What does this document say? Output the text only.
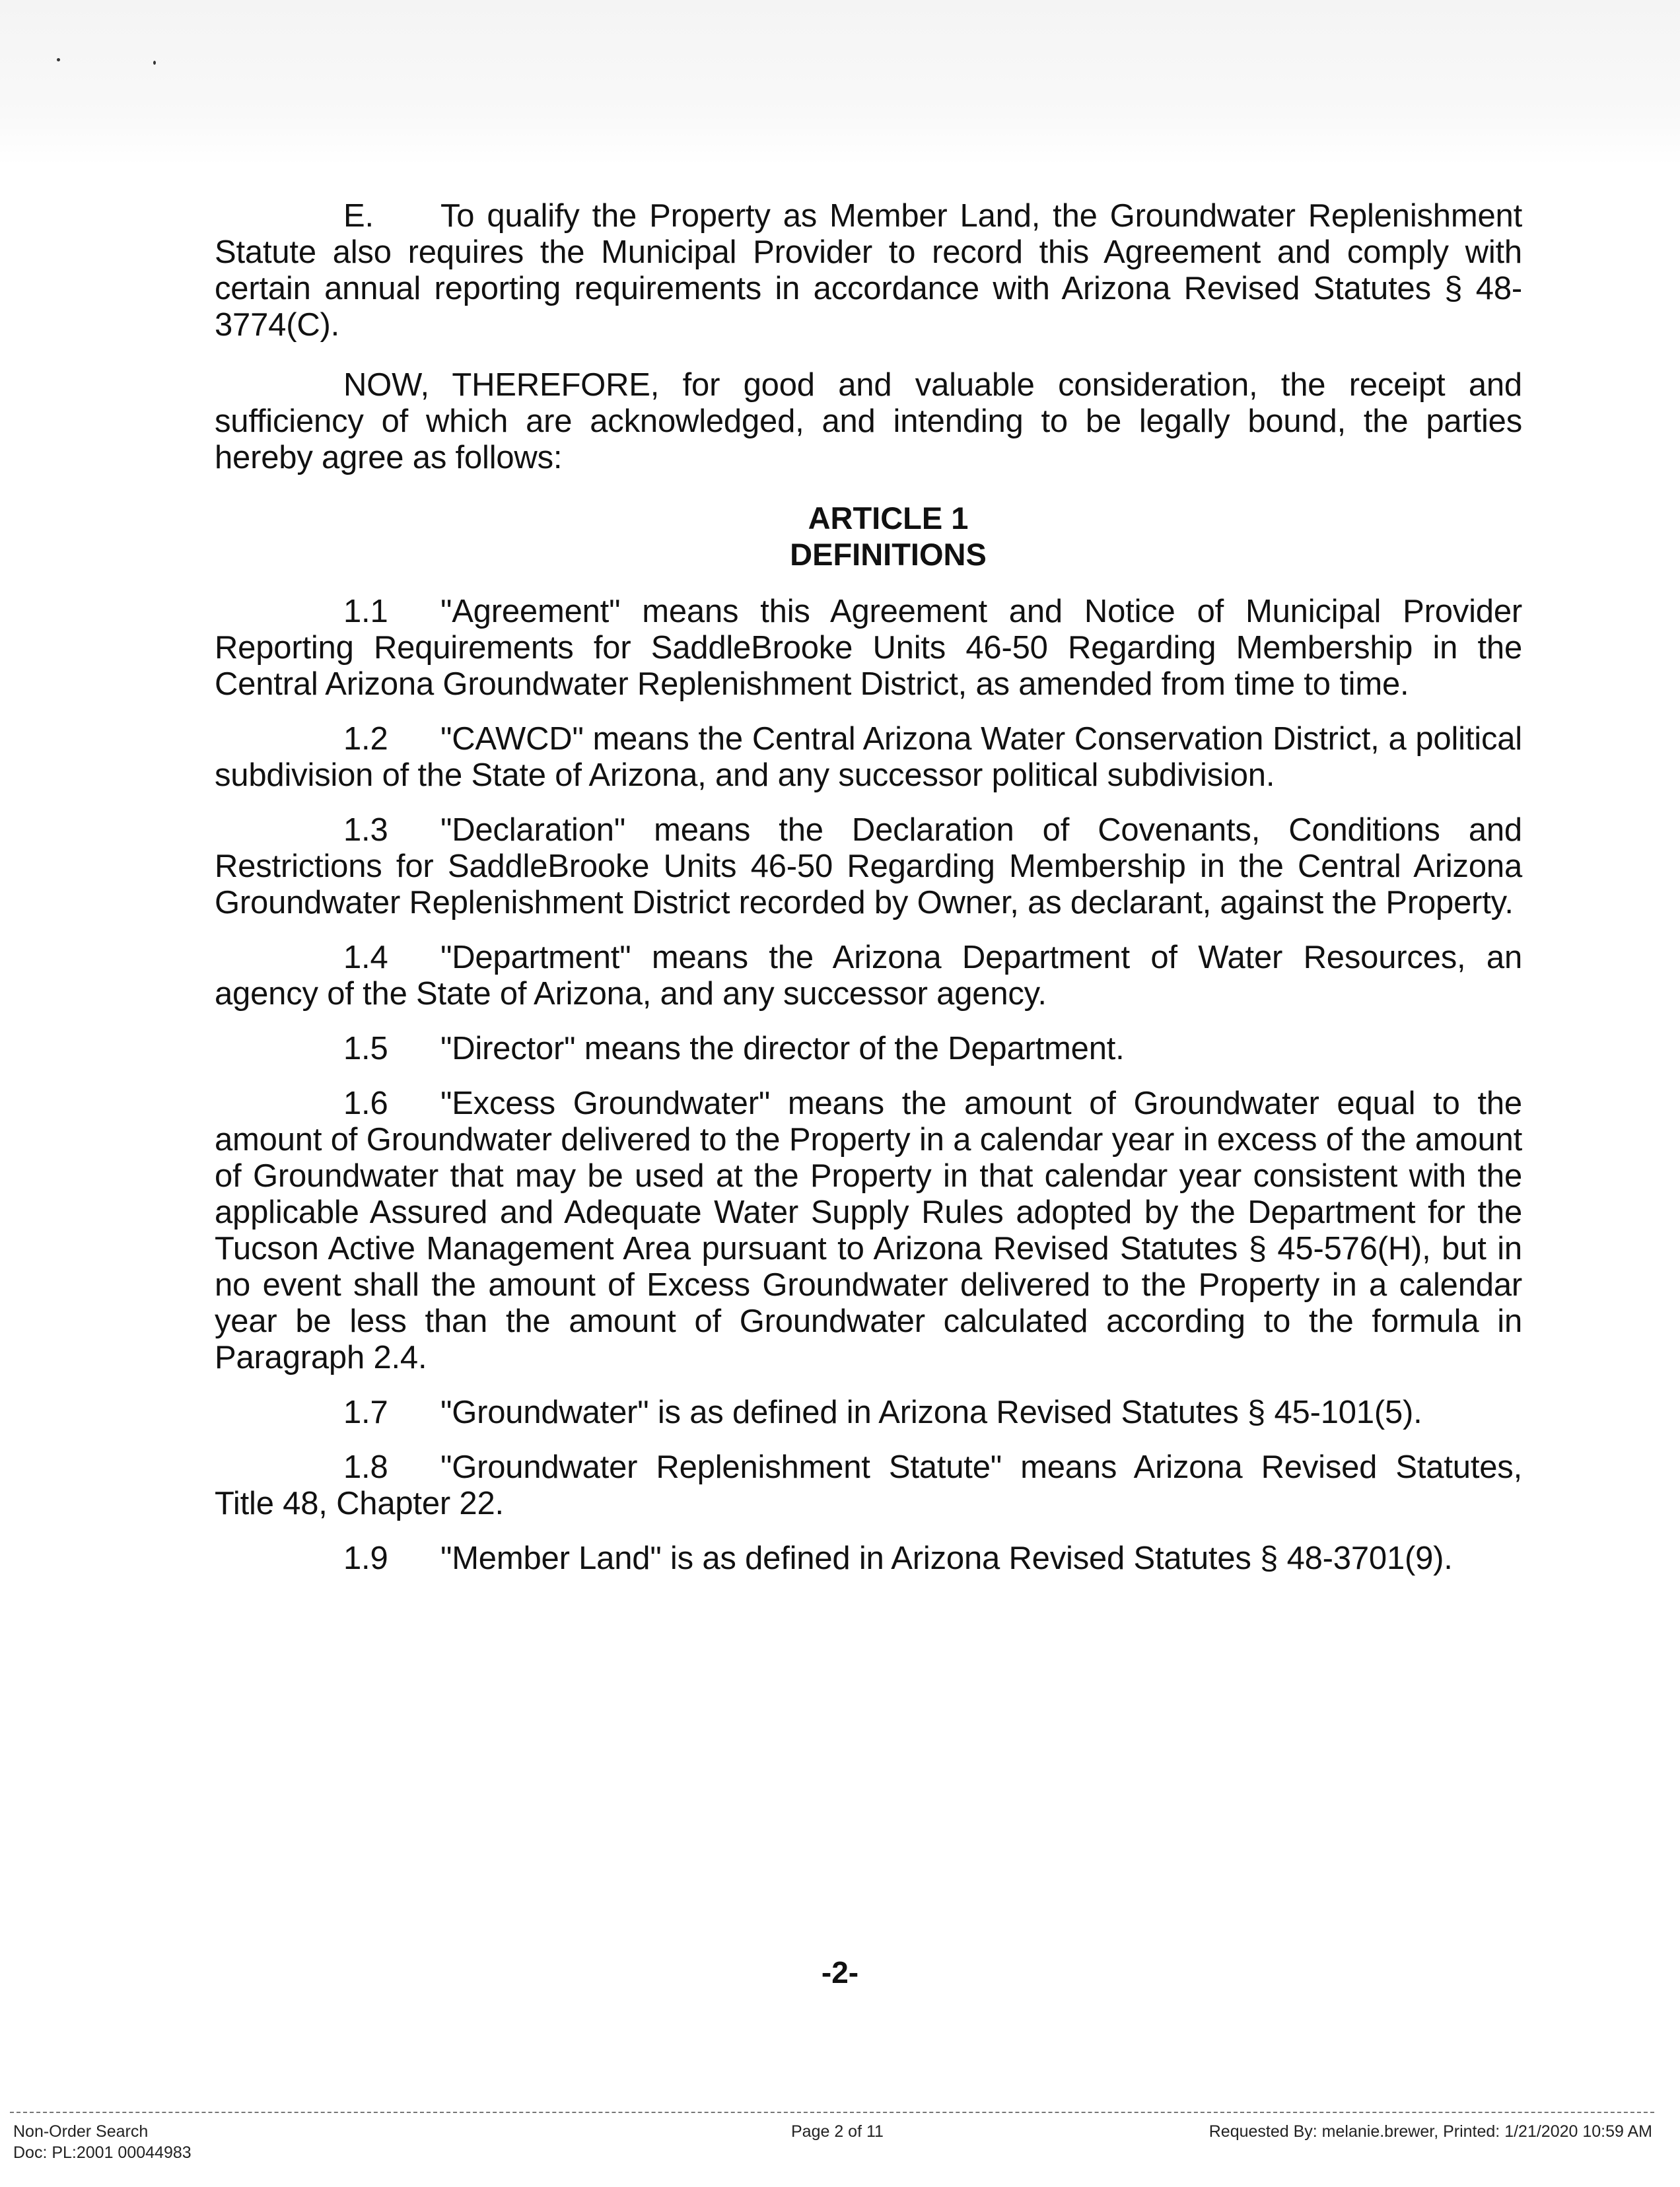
E. To qualify the Property as Member Land, the Groundwater Replenishment Statute also requires the Municipal Provider to record this Agreement and comply with certain annual reporting requirements in accordance with Arizona Revised Statutes § 48-3774(C).

NOW, THEREFORE, for good and valuable consideration, the receipt and sufficiency of which are acknowledged, and intending to be legally bound, the parties hereby agree as follows:

ARTICLE 1

DEFINITIONS

1.1 "Agreement" means this Agreement and Notice of Municipal Provider Reporting Requirements for SaddleBrooke Units 46-50 Regarding Membership in the Central Arizona Groundwater Replenishment District, as amended from time to time.

1.2 "CAWCD" means the Central Arizona Water Conservation District, a political subdivision of the State of Arizona, and any successor political subdivision.

1.3 "Declaration" means the Declaration of Covenants, Conditions and Restrictions for SaddleBrooke Units 46-50 Regarding Membership in the Central Arizona Groundwater Replenishment District recorded by Owner, as declarant, against the Property.

1.4 "Department" means the Arizona Department of Water Resources, an agency of the State of Arizona, and any successor agency.

1.5 "Director" means the director of the Department.

1.6 "Excess Groundwater" means the amount of Groundwater equal to the amount of Groundwater delivered to the Property in a calendar year in excess of the amount of Groundwater that may be used at the Property in that calendar year consistent with the applicable Assured and Adequate Water Supply Rules adopted by the Department for the Tucson Active Management Area pursuant to Arizona Revised Statutes § 45-576(H), but in no event shall the amount of Excess Groundwater delivered to the Property in a calendar year be less than the amount of Groundwater calculated according to the formula in Paragraph 2.4.

1.7 "Groundwater" is as defined in Arizona Revised Statutes § 45-101(5).

1.8 "Groundwater Replenishment Statute" means Arizona Revised Statutes, Title 48, Chapter 22.

1.9 "Member Land" is as defined in Arizona Revised Statutes § 48-3701(9).

-2-
Non-Order Search
Doc: PL:2001 00044983
Page 2 of 11	Requested By: melanie.brewer, Printed: 1/21/2020 10:59 AM
